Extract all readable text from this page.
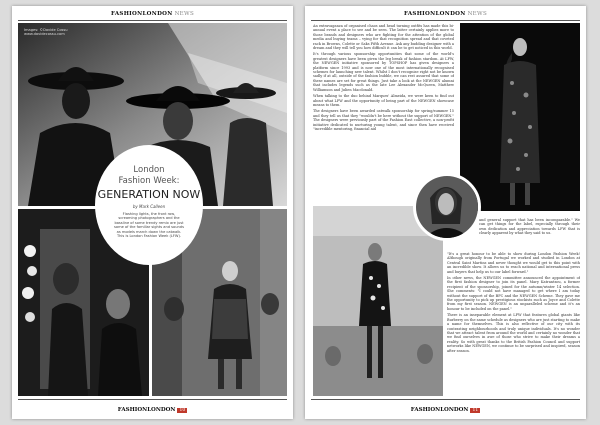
FASHIONLONDON NEWS
Images: ©Davide Cossu
www.davidecossu.com
London
Fashion Week:
GENERATION NOW
by Mark Calleen
Flashing lights, the front row, screaming photographers and the bassline of some trendy remix are just some of the familiar sights and sounds as models march down the catwalk. This is London Fashion Week (LFW).
FASHIONLONDON 10
FASHIONLONDON NEWS

An extravaganza of organised chaos and head turning outfits has made this bi-annual event a place to see and be seen. The latter certainly applies more to those brands and designers who are fighting for the attention of the global media and buying teams – vying for that recognition spread and that coveted rack in Browns, Colette or Saks Fifth Avenue. Ask any budding designer with a dream and they will tell you how difficult it can be to get noticed in this world.

It's through various sponsorship opportunities that some of the world's greatest designers have been given the leg break of fashion stardom. At LFW, the NEWGEN initiative sponsored by TOPSHOP has given designers a platform since 1993 and is now one of the most internationally recognised schemes for launching new talent. Whilst I don't recognise right not be known sadly if at all, outside of the fashion bubble, we can rest assured that some of these names are set for great things. Just take a look at the NEWGEN alumni that includes legends such as the late Lee Alexander McQueen, Matthew Williamson and Julien Macdonald.

When talking to the duo behind Marques' Almeida, we were keen to find out about what LFW and the opportunity of being part of the NEWGEN showcase means to them.

The designers have been awarded catwalk sponsorship for spring/summer 15 and they tell us that they "wouldn't be here without the support of NEWGEN." The designers were previously part of the Fashion East collective, a non-profit initiative dedicated to nurturing young talent, and since then have received "incredible mentoring, financial aid

and general support that has been incomparable." We can get things for the label, especially through their own dedication and appreciation towards LFW that is clearly apparent by what they said to us.

"It's a great honour to be able to show during London Fashion Week! Although originally from Portugal we worked and studied in London at Central Saint Martins and never thought we would get to this point with an incredible show. It allows us to reach national and international press and buyers that help us to our label forward."

In other news, the NEWGEN committee announced the appointment of the first fashion designer to join its panel. Mary Katrantzou, a former recipient of the sponsorship, joined for the autumn/winter 14 selection. She comments: "I could not have managed to get where I am today without the support of the BFC and the NEWGEN Scheme. They gave me the opportunity to pick up prestigious stockists such as Joyce and Colette from my first season. NEWGEN is an unparalleled scheme and it's an honour to be included on the panel."

There is an inseparable element at LFW that features global giants like Burberry on the same schedule as designers who are just starting to make a name for themselves. This is also reflective of our city with its contrasting neighbourhoods and truly unique individuals. It's no wonder that we attract talent from around the world and certainly no wonder that we find ourselves in awe of those who strive to make their dreams a reality. So with great thanks to the British Fashion Council and support networks like NEWGEN, we continue to be surprised and inspired, season after season.

FASHIONLONDON 11
